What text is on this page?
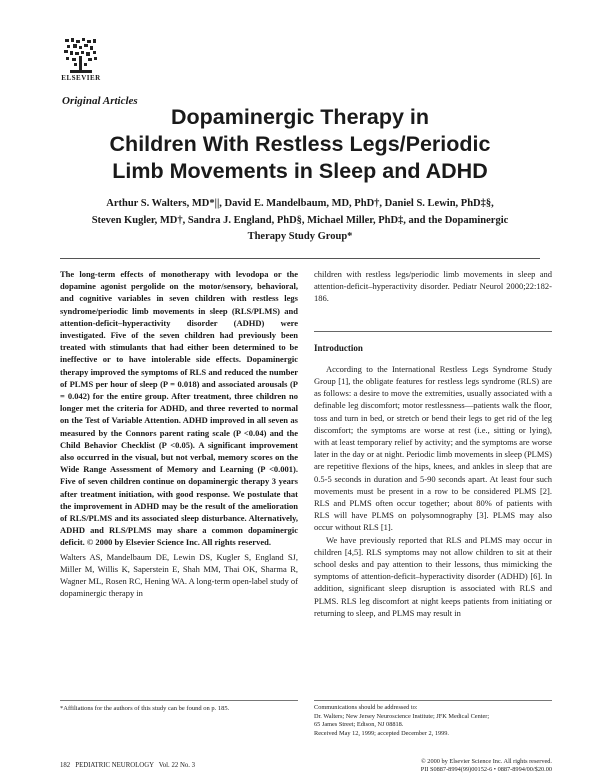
ELSEVIER
Original Articles
Dopaminergic Therapy in
Children With Restless Legs/Periodic
Limb Movements in Sleep and ADHD
Arthur S. Walters, MD*||, David E. Mandelbaum, MD, PhD†, Daniel S. Lewin, PhD‡§,
Steven Kugler, MD†, Sandra J. England, PhD§, Michael Miller, PhD‡, and the Dopaminergic
Therapy Study Group*

The long-term effects of monotherapy with levodopa or the dopamine agonist pergolide on the motor/sensory, behavioral, and cognitive variables in seven children with restless legs syndrome/periodic limb movements in sleep (RLS/PLMS) and attention-deficit–hyperactivity disorder (ADHD) were investigated. Five of the seven children had previously been treated with stimulants that had either been determined to be ineffective or to have intolerable side effects. Dopaminergic therapy improved the symptoms of RLS and reduced the number of PLMS per hour of sleep (P = 0.018) and associated arousals (P = 0.042) for the entire group. After treatment, three children no longer met the criteria for ADHD, and three reverted to normal on the Test of Variable Attention. ADHD improved in all seven as measured by the Connors parent rating scale (P <0.04) and the Child Behavior Checklist (P <0.05). A significant improvement also occurred in the visual, but not verbal, memory scores on the Wide Range Assessment of Memory and Learning (P <0.001). Five of seven children continue on dopaminergic therapy 3 years after treatment initiation, with good response. We postulate that the improvement in ADHD may be the result of the amelioration of RLS/PLMS and its associated sleep disturbance. Alternatively, ADHD and RLS/PLMS may share a common dopaminergic deficit. © 2000 by Elsevier Science Inc. All rights reserved.

Walters AS, Mandelbaum DE, Lewin DS, Kugler S, England SJ, Miller M, Willis K, Saperstein E, Shah MM, Thai OK, Sharma R, Wagner ML, Rosen RC, Hening WA. A long-term open-label study of dopaminergic therapy in

children with restless legs/periodic limb movements in sleep and attention-deficit–hyperactivity disorder. Pediatr Neurol 2000;22:182-186.

Introduction

According to the International Restless Legs Syndrome Study Group [1], the obligate features for restless legs syndrome (RLS) are as follows: a desire to move the extremities, usually associated with a definable leg discomfort; motor restlessness—patients walk the floor, toss and turn in bed, or stretch or bend their legs to get rid of the leg discomfort; the symptoms are worse at rest (i.e., sitting or lying), with at least temporary relief by activity; and the symptoms are worse later in the day or at night. Periodic limb movements in sleep (PLMS) are repetitive flexions of the hips, knees, and ankles in sleep that are 0.5-5 seconds in duration and 5-90 seconds apart. At least four such movements must be present in a row to be considered PLMS [2]. RLS and PLMS often occur together; about 80% of patients with RLS will have PLMS on polysomnography [3]. PLMS may also occur without RLS [1].

We have previously reported that RLS and PLMS may occur in children [4,5]. RLS symptoms may not allow children to sit at their school desks and pay attention to their lessons, thus mimicking the symptoms of attention-deficit–hyperactivity disorder (ADHD) [6]. In addition, significant sleep disruption is associated with RLS and PLMS. RLS leg discomfort at night keeps patients from initiating or returning to sleep, and PLMS may result in

*Affiliations for the authors of this study can be found on p. 185.	Communications should be addressed to:
Dr. Walters; New Jersey Neuroscience Institute; JFK Medical Center;
65 James Street; Edison, NJ 08818.
Received May 12, 1999; accepted December 2, 1999.
182   PEDIATRIC NEUROLOGY   Vol. 22 No. 3
© 2000 by Elsevier Science Inc. All rights reserved.
PII S0887-8994(99)00152-6 • 0887-8994/00/$20.00
